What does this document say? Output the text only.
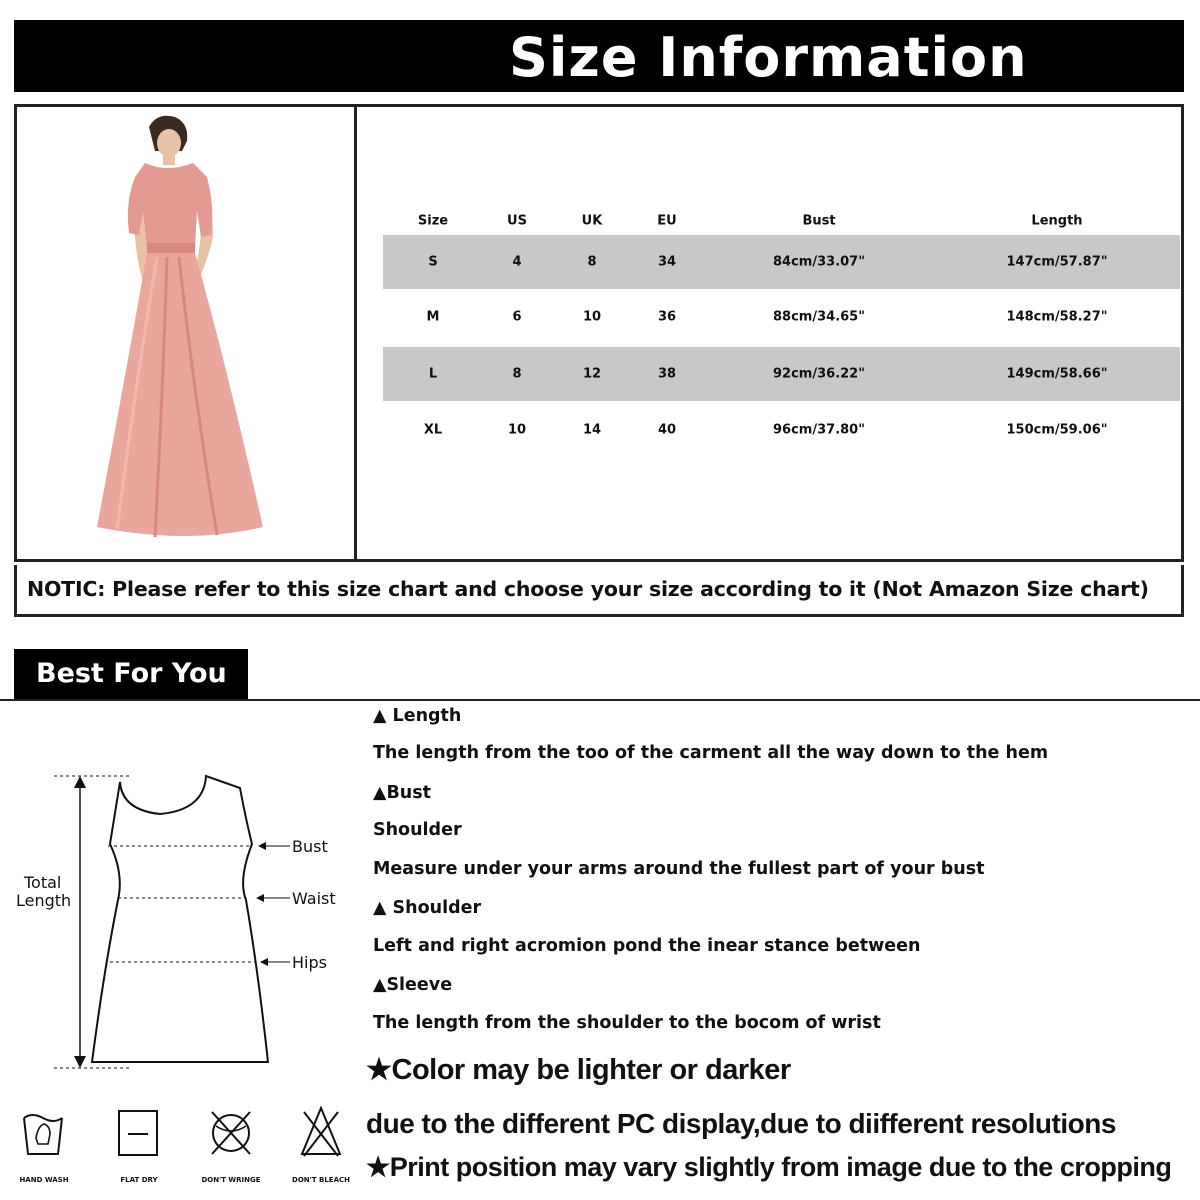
Size Information
Size	US	UK	EU	Bust	Length
S	4	8	34	84cm/33.07"	147cm/57.87"
M	6	10	36	88cm/34.65"	148cm/58.27"
L	8	12	38	92cm/36.22"	149cm/58.66"
XL	10	14	40	96cm/37.80"	150cm/59.06"
NOTIC: Please refer to this size chart and choose your size according to it (Not Amazon Size chart)
Best For You
Total
Length
Bust
Waist
Hips
▲ Length
The length from the too of the carment all the way down to the hem
▲Bust
Shoulder
Measure under your arms around the fullest part of your bust
▲ Shoulder
Left and right acromion pond the inear stance between
▲Sleeve
The length from the shoulder to the bocom of wrist
★Color may be lighter or darker
due to the different PC display,due to diifferent resolutions
★Print position may vary slightly from image due to the cropping
HAND WASH	FLAT DRY	DON'T WRINGE	DON'T BLEACH
